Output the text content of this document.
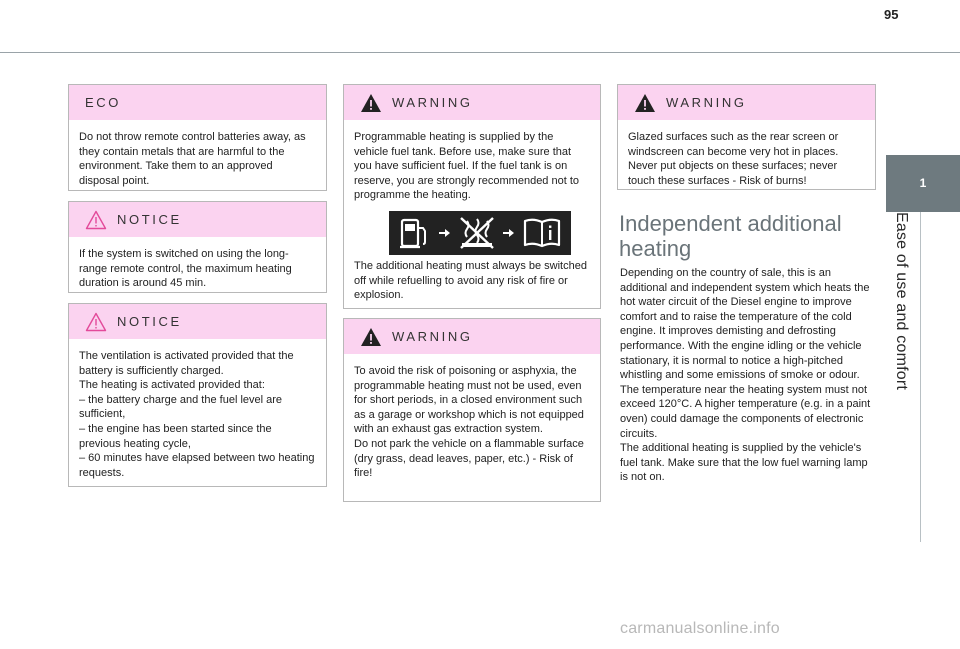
95
1
Ease of use and comfort
ECO

Do not throw remote control batteries away, as they contain metals that are harmful to the environment. Take them to an approved disposal point.

NOTICE

If the system is switched on using the long-range remote control, the maximum heating duration is around 45 min.

NOTICE

The ventilation is activated provided that the battery is sufficiently charged.

The heating is activated provided that:

– the battery charge and the fuel level are sufficient,

– the engine has been started since the previous heating cycle,

– 60 minutes have elapsed between two heating requests.

WARNING

Programmable heating is supplied by the vehicle fuel tank. Before use, make sure that you have sufficient fuel. If the fuel tank is on reserve, you are strongly recommended not to programme the heating.

The additional heating must always be switched off while refuelling to avoid any risk of fire or explosion.

WARNING

To avoid the risk of poisoning or asphyxia, the programmable heating must not be used, even for short periods, in a closed environment such as a garage or workshop which is not equipped with an exhaust gas extraction system.

Do not park the vehicle on a flammable surface (dry grass, dead leaves, paper, etc.) - Risk of fire!

WARNING

Glazed surfaces such as the rear screen or windscreen can become very hot in places. Never put objects on these surfaces; never touch these surfaces - Risk of burns!

Independent additional heating

Depending on the country of sale, this is an additional and independent system which heats the hot water circuit of the Diesel engine to improve comfort and to raise the temperature of the cold engine. It improves demisting and defrosting performance. With the engine idling or the vehicle stationary, it is normal to notice a high-pitched whistling and some emissions of smoke or odour.

The temperature near the heating system must not exceed 120°C. A higher temperature (e.g. in a paint oven) could damage the components of electronic circuits.

The additional heating is supplied by the vehicle's fuel tank. Make sure that the low fuel warning lamp is not on.

carmanualsonline.info
